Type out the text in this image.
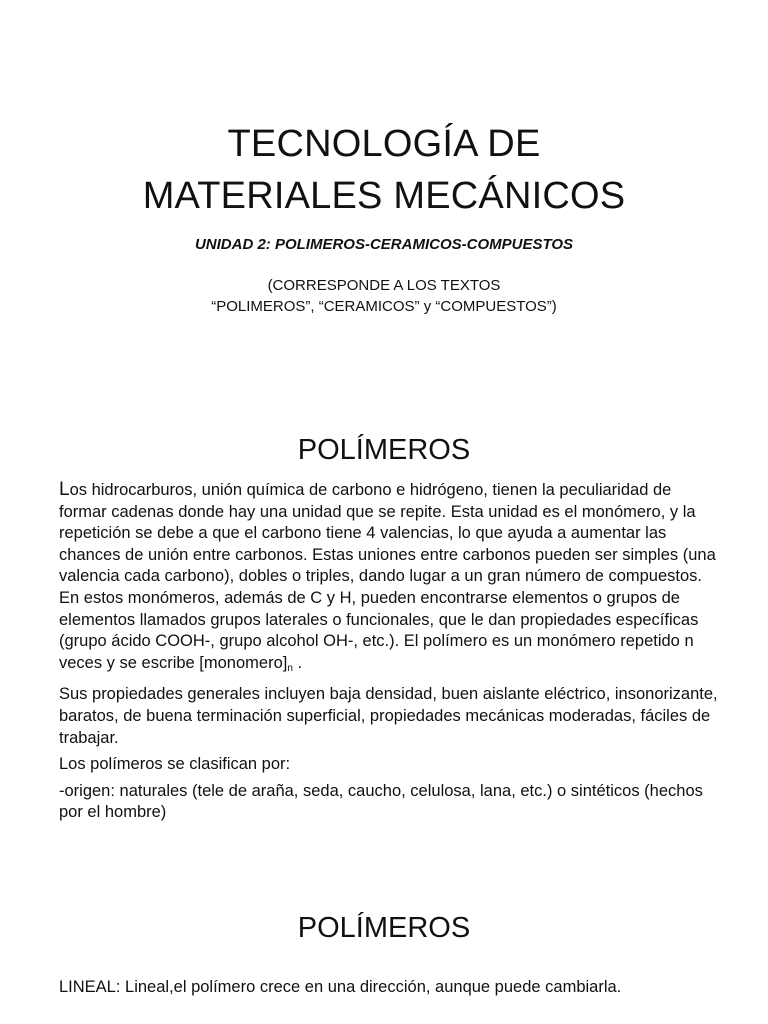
TECNOLOGÍA DE
MATERIALES MECÁNICOS

UNIDAD 2: POLIMEROS-CERAMICOS-COMPUESTOS

(CORRESPONDE A LOS TEXTOS
“POLIMEROS”, “CERAMICOS” y “COMPUESTOS”)

POLÍMEROS

Los hidrocarburos, unión química de carbono e hidrógeno, tienen la peculiaridad de formar cadenas donde hay una unidad que se repite. Esta unidad es el monómero, y la repetición se debe a que el carbono tiene 4 valencias, lo que ayuda a aumentar las chances de unión entre carbonos. Estas uniones entre carbonos pueden ser simples (una valencia cada carbono), dobles o triples, dando lugar a un gran número de compuestos. En estos monómeros, además de C y H, pueden encontrarse elementos o grupos de elementos llamados grupos laterales o funcionales, que le dan propiedades específicas (grupo ácido COOH-, grupo alcohol OH-, etc.). El polímero es un monómero repetido n veces y se escribe $[monomero]_n$ .

Sus propiedades generales incluyen baja densidad, buen aislante eléctrico, insonorizante, baratos, de buena terminación superficial, propiedades mecánicas moderadas, fáciles de trabajar.

Los polímeros se clasifican por:

-origen: naturales (tele de araña, seda, caucho, celulosa, lana, etc.) o sintéticos (hechos por el hombre)

POLÍMEROS

LINEAL: Lineal,el polímero crece en una dirección, aunque puede cambiarla.
